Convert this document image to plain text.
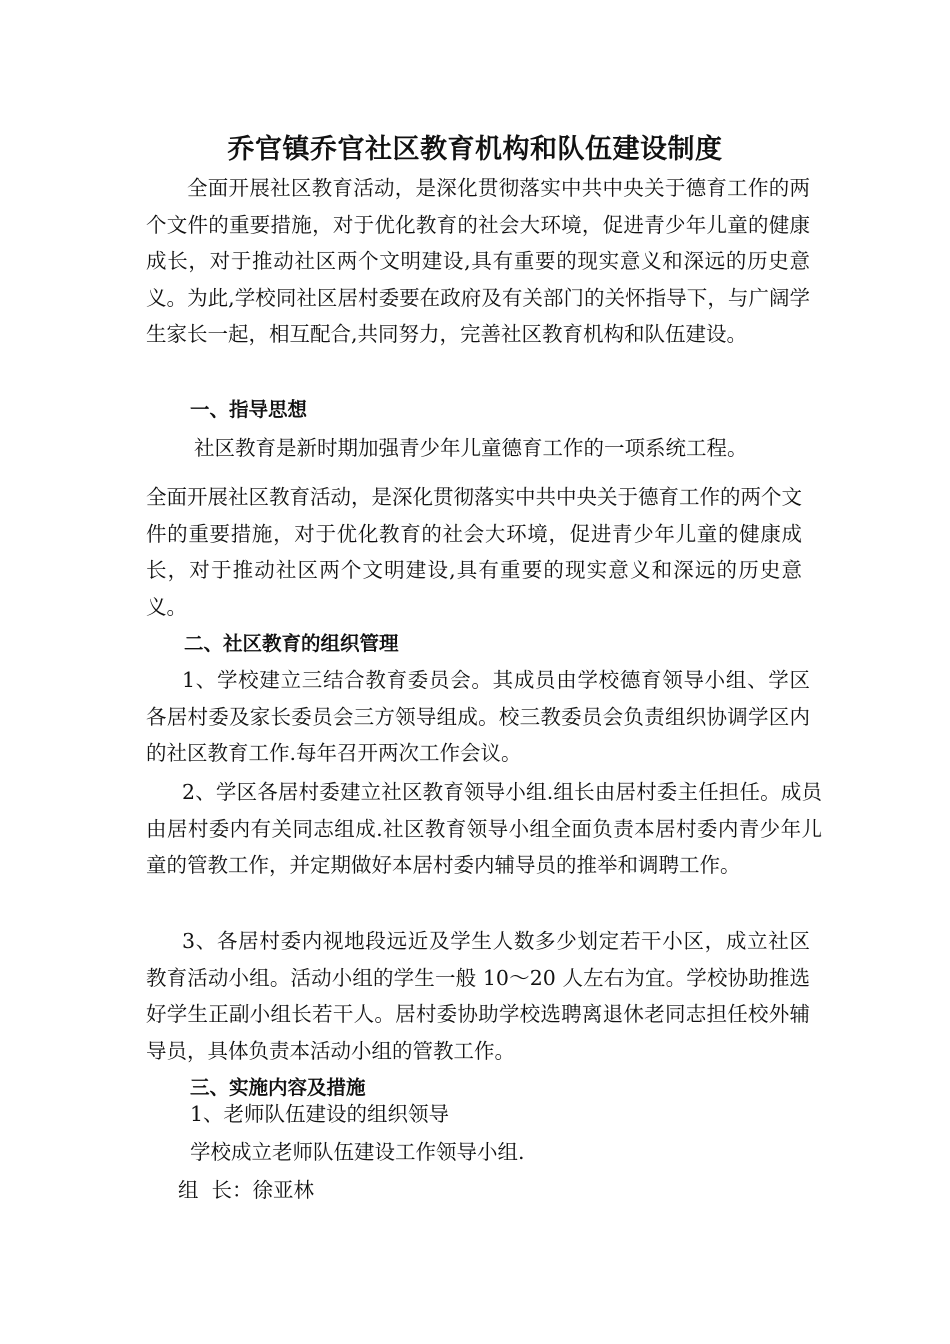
乔官镇乔官社区教育机构和队伍建设制度

全面开展社区教育活动，是深化贯彻落实中共中央关于德育工作的两个文件的重要措施，对于优化教育的社会大环境，促进青少年儿童的健康成长，对于推动社区两个文明建设,具有重要的现实意义和深远的历史意义。为此,学校同社区居村委要在政府及有关部门的关怀指导下，与广阔学生家长一起，相互配合,共同努力，完善社区教育机构和队伍建设。

一、指导思想
社区教育是新时期加强青少年儿童德育工作的一项系统工程。

全面开展社区教育活动，是深化贯彻落实中共中央关于德育工作的两个文件的重要措施，对于优化教育的社会大环境，促进青少年儿童的健康成长，对于推动社区两个文明建设,具有重要的现实意义和深远的历史意义。

二、社区教育的组织管理

1、学校建立三结合教育委员会。其成员由学校德育领导小组、学区各居村委及家长委员会三方领导组成。校三教委员会负责组织协调学区内的社区教育工作.每年召开两次工作会议。

2、学区各居村委建立社区教育领导小组.组长由居村委主任担任。成员由居村委内有关同志组成.社区教育领导小组全面负责本居村委内青少年儿童的管教工作，并定期做好本居村委内辅导员的推举和调聘工作。

3、各居村委内视地段远近及学生人数多少划定若干小区，成立社区教育活动小组。活动小组的学生一般 10～20 人左右为宜。学校协助推选好学生正副小组长若干人。居村委协助学校选聘离退休老同志担任校外辅导员，具体负责本活动小组的管教工作。

三、实施内容及措施
1、老师队伍建设的组织领导
学校成立老师队伍建设工作领导小组.
组  长：徐亚林
